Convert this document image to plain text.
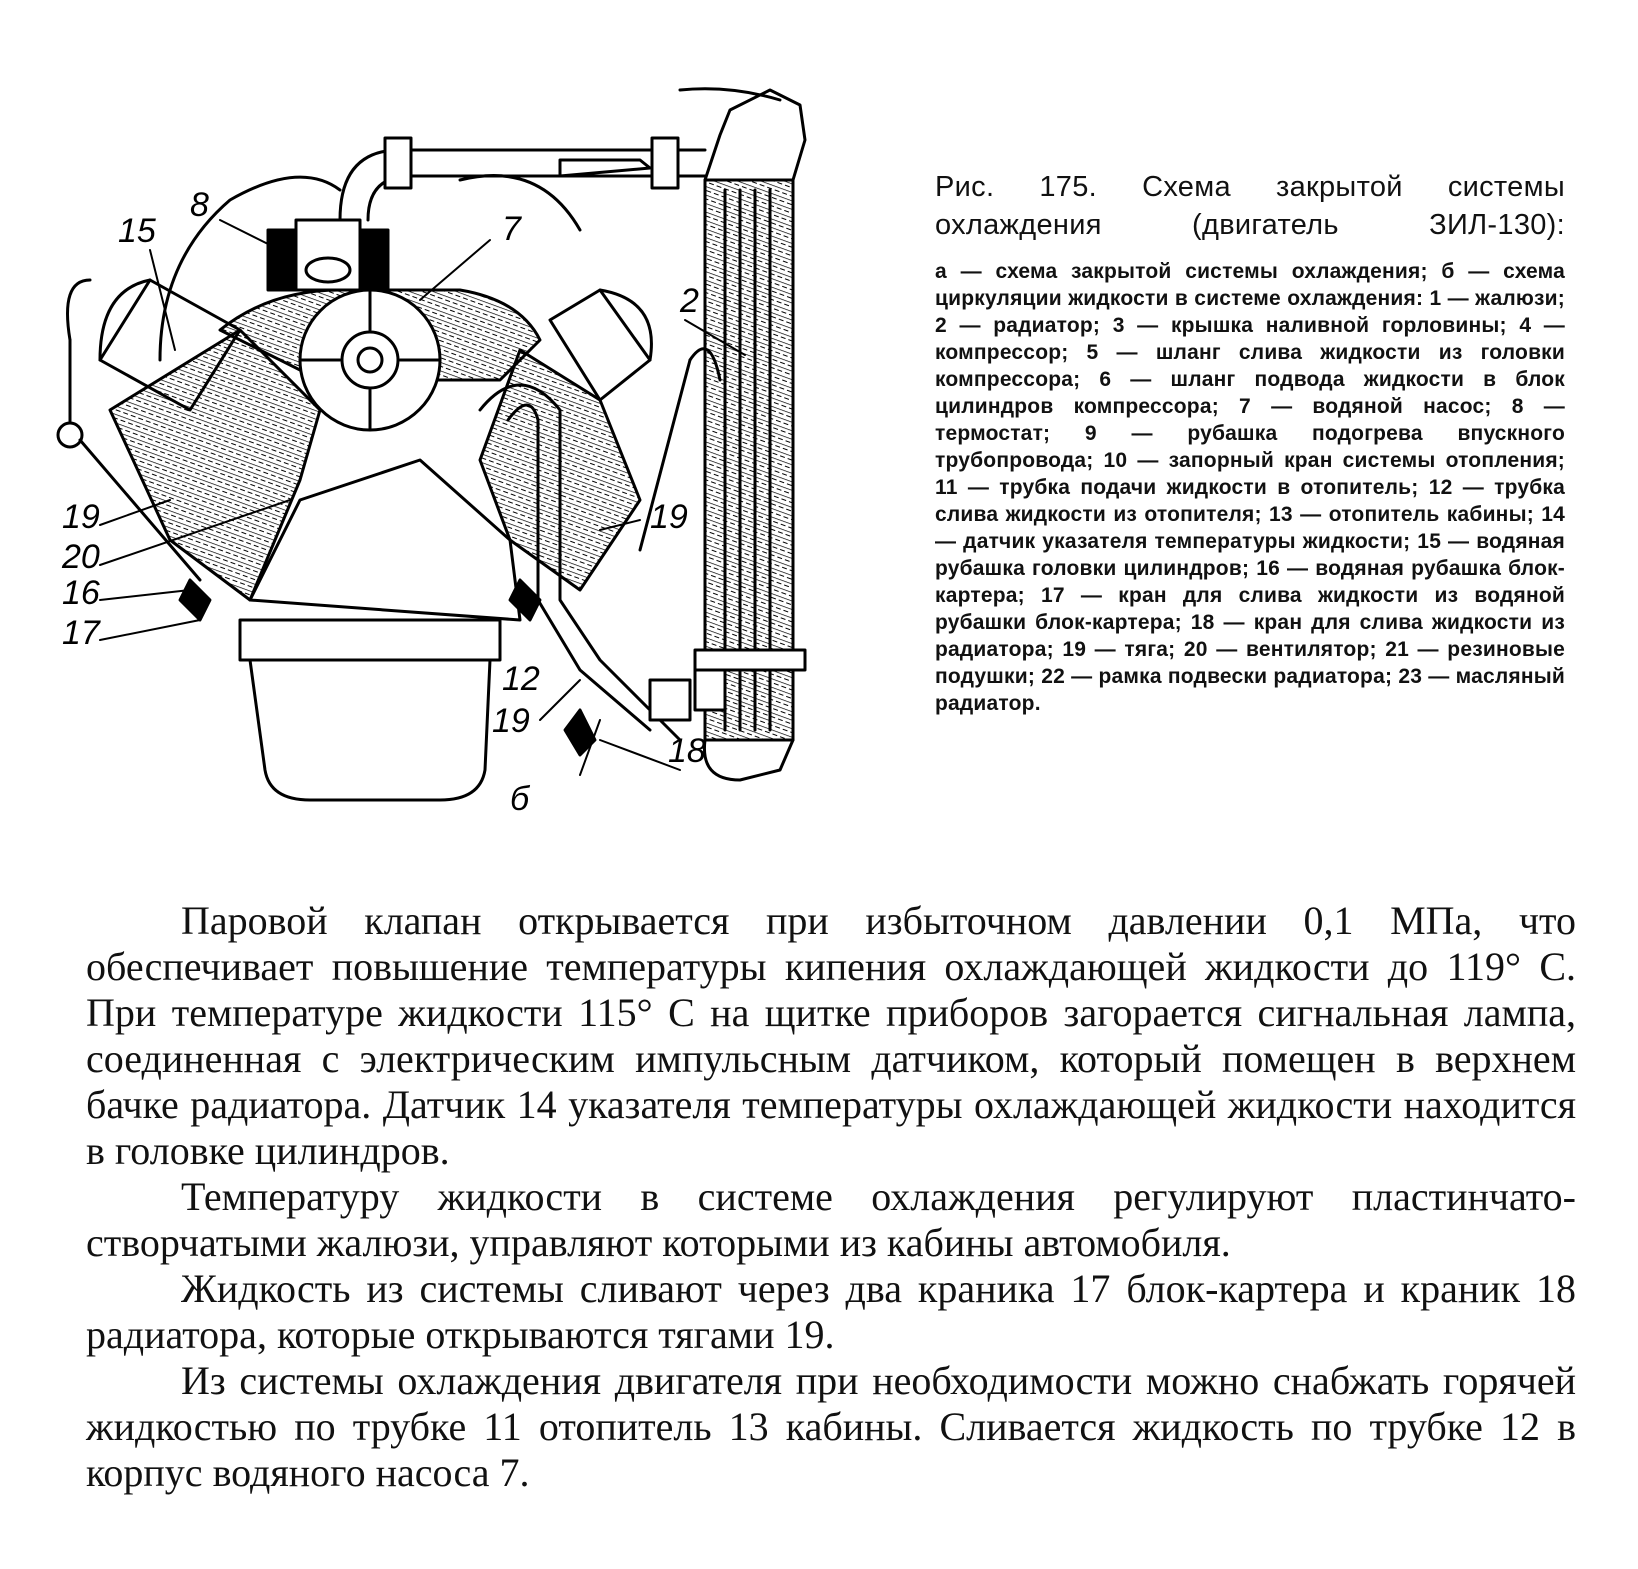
15
8
7
2
19
20
16
17
12
19
18
19
б

Рис. 175. Схема закрытой системы охлаждения (двигатель ЗИЛ-130):

а — схема закрытой системы охлаждения; б — схема циркуляции жидкости в системе охлаждения: 1 — жалюзи; 2 — радиатор; 3 — крышка наливной горловины; 4 — компрессор; 5 — шланг слива жидкости из головки компрессора; 6 — шланг подвода жидкости в блок цилиндров компрессора; 7 — водяной насос; 8 — термостат; 9 — рубашка подогрева впускного трубопровода; 10 — запорный кран системы отопления; 11 — трубка подачи жидкости в отопитель; 12 — трубка слива жидкости из отопителя; 13 — отопитель кабины; 14 — датчик указателя температуры жидкости; 15 — водяная рубашка головки цилиндров; 16 — водяная рубашка блок-картера; 17 — кран для слива жидкости из водяной рубашки блок-картера; 18 — кран для слива жидкости из радиатора; 19 — тяга; 20 — вентилятор; 21 — резиновые подушки; 22 — рамка подвески радиатора; 23 — масляный радиатор.

Паровой клапан открывается при избыточном давлении 0,1 МПа, что обеспечивает повышение температуры кипения охлаждающей жидкости до 119° С. При температуре жидкости 115° С на щитке приборов загорается сигнальная лампа, соединенная с электрическим импульсным датчиком, который помещен в верхнем бачке радиатора. Датчик 14 указателя температуры охлаждающей жидкости находится в головке цилиндров.

Температуру жидкости в системе охлаждения регулируют пластинчато-створчатыми жалюзи, управляют которыми из кабины автомобиля.

Жидкость из системы сливают через два краника 17 блок-картера и краник 18 радиатора, которые открываются тягами 19.

Из системы охлаждения двигателя при необходимости можно снабжать горячей жидкостью по трубке 11 отопитель 13 кабины. Сливается жидкость по трубке 12 в корпус водяного насоса 7.
